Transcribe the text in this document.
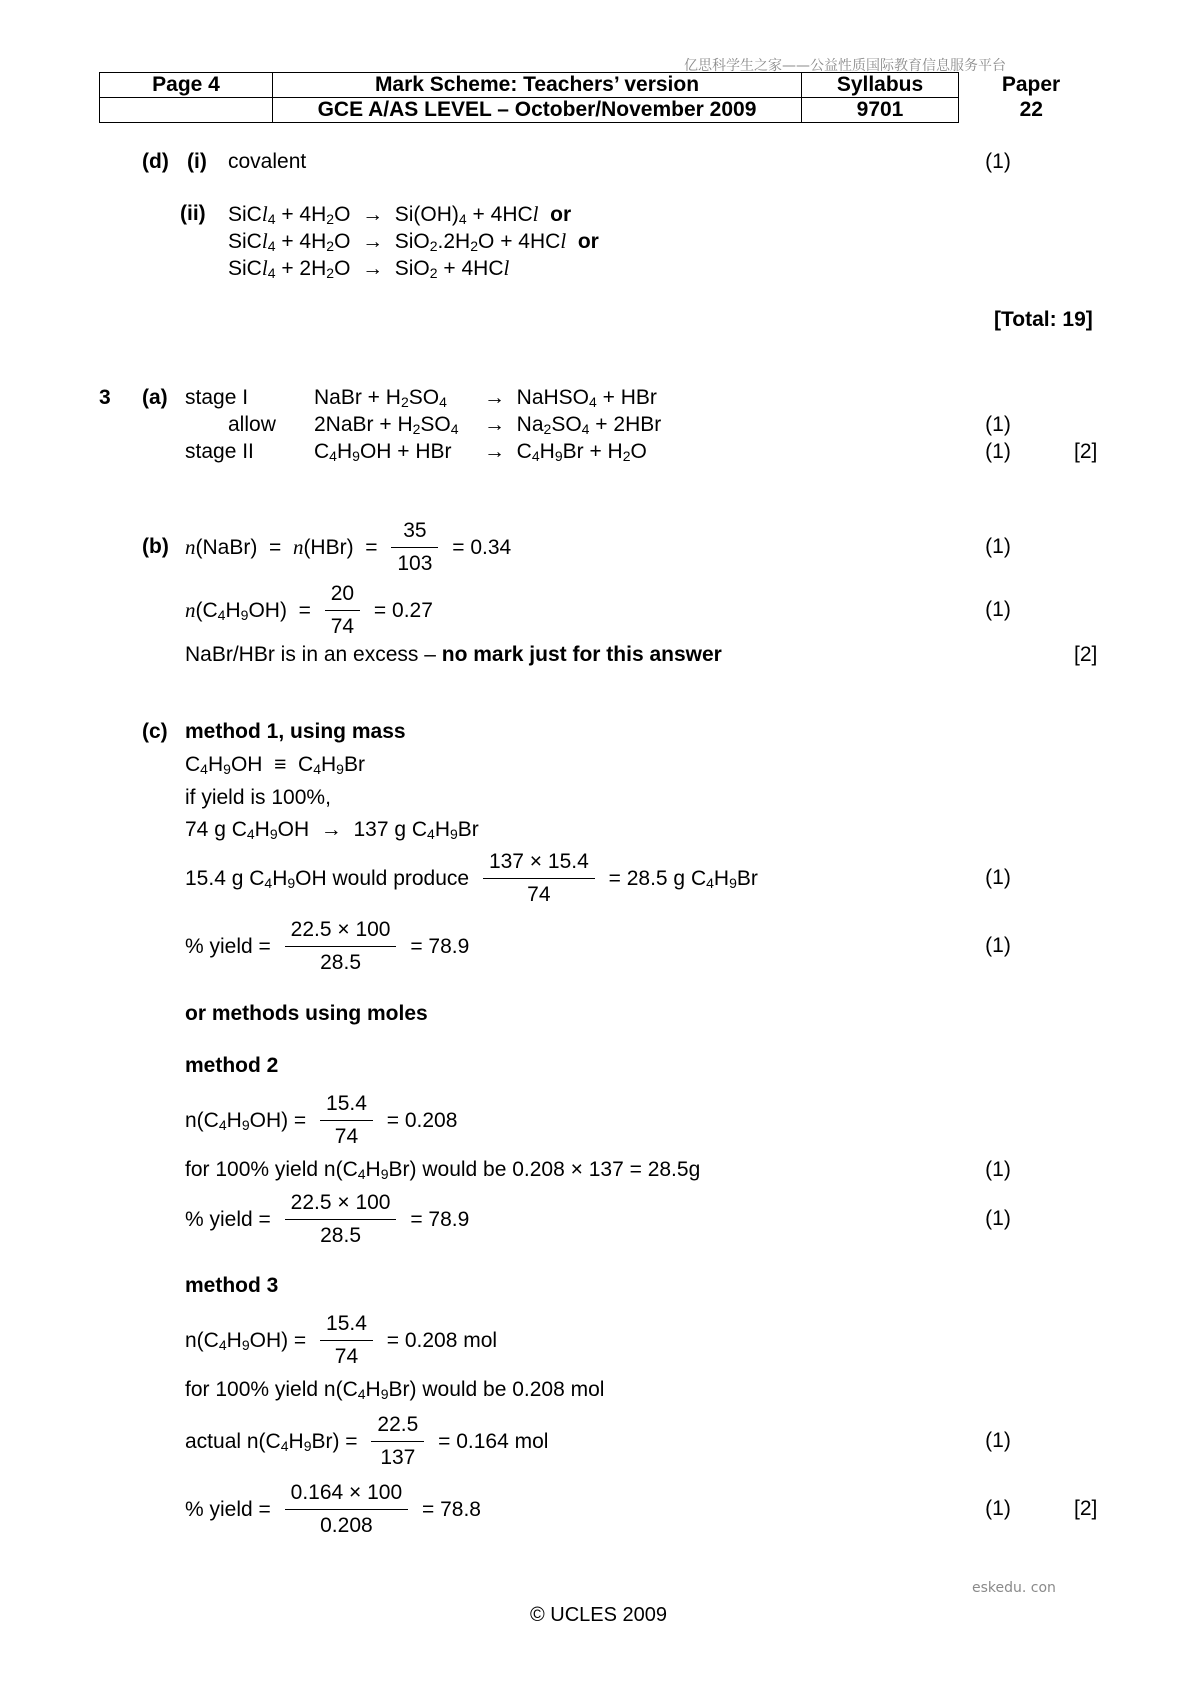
亿思科学生之家——公益性质国际教育信息服务平台
Page 4	Mark Scheme: Teachers’ version	Syllabus	Paper
	GCE A/AS LEVEL – October/November 2009	9701	22
(d) (i) covalent	(1)
(ii) SiCl$_4$ + $4H_2O \to Si(OH)_4 + 4HCl$ or
SiCl$_4$ + $4H_2O \to SiO_2.2H_2O + 4HCl$ or
SiCl$_4$ + $2H_2O \to SiO_2 + 4HCl$
[Total: 19]
3 (a) stage I	NaBr + $H_2SO_4$ →  NaHSO$_4$ + HBr
allow 2NaBr + $H_2SO_4 \to Na_2SO_4 + 2HBr$	(1)
stage II	$C_4H_9OH$ + HBr →  $C_4H_9Br + H_2O$	(1)	[2]
(b) n(NaBr)  =  $n(HBr) = \frac{35}{103} = 0.34$	(1)
$n(C_4H_9OH) = \frac{20}{74} = 0.27$	(1)
NaBr/HBr is in an excess – no mark just for this answer	[2]
(c) method 1, using mass
$C_4H_9OH \equiv C_4H_9Br$
if yield is 100%,
74 g $C_4H_9OH \to 137$ g $C_4H_9Br$
15.4 g $C_4H_9OH$ would produce $\frac{137 \times 15.4}{74} = 28.5$ g $C_4H_9Br$	(1)
% yield = $\frac{22.5 \times 100}{28.5} = 78.9$	(1)
or methods using moles
method 2
$n(C_4H_9OH) = \frac{15.4}{74} = 0.208$
for 100% yield $n(C_4H_9Br)$ would be 0.208 × 137 = 28.5g	(1)
% yield = $\frac{22.5 \times 100}{28.5} = 78.9$	(1)
method 3
$n(C_4H_9OH) = \frac{15.4}{74} = 0.208$ mol
for 100% yield $n(C_4H_9Br)$ would be 0.208 mol
actual $n(C_4H_9Br) = \frac{22.5}{137} = 0.164$ mol	(1)
% yield = $\frac{0.164 \times 100}{0.208} = 78.8$	(1)	[2]
eskedu. con
© UCLES 2009
